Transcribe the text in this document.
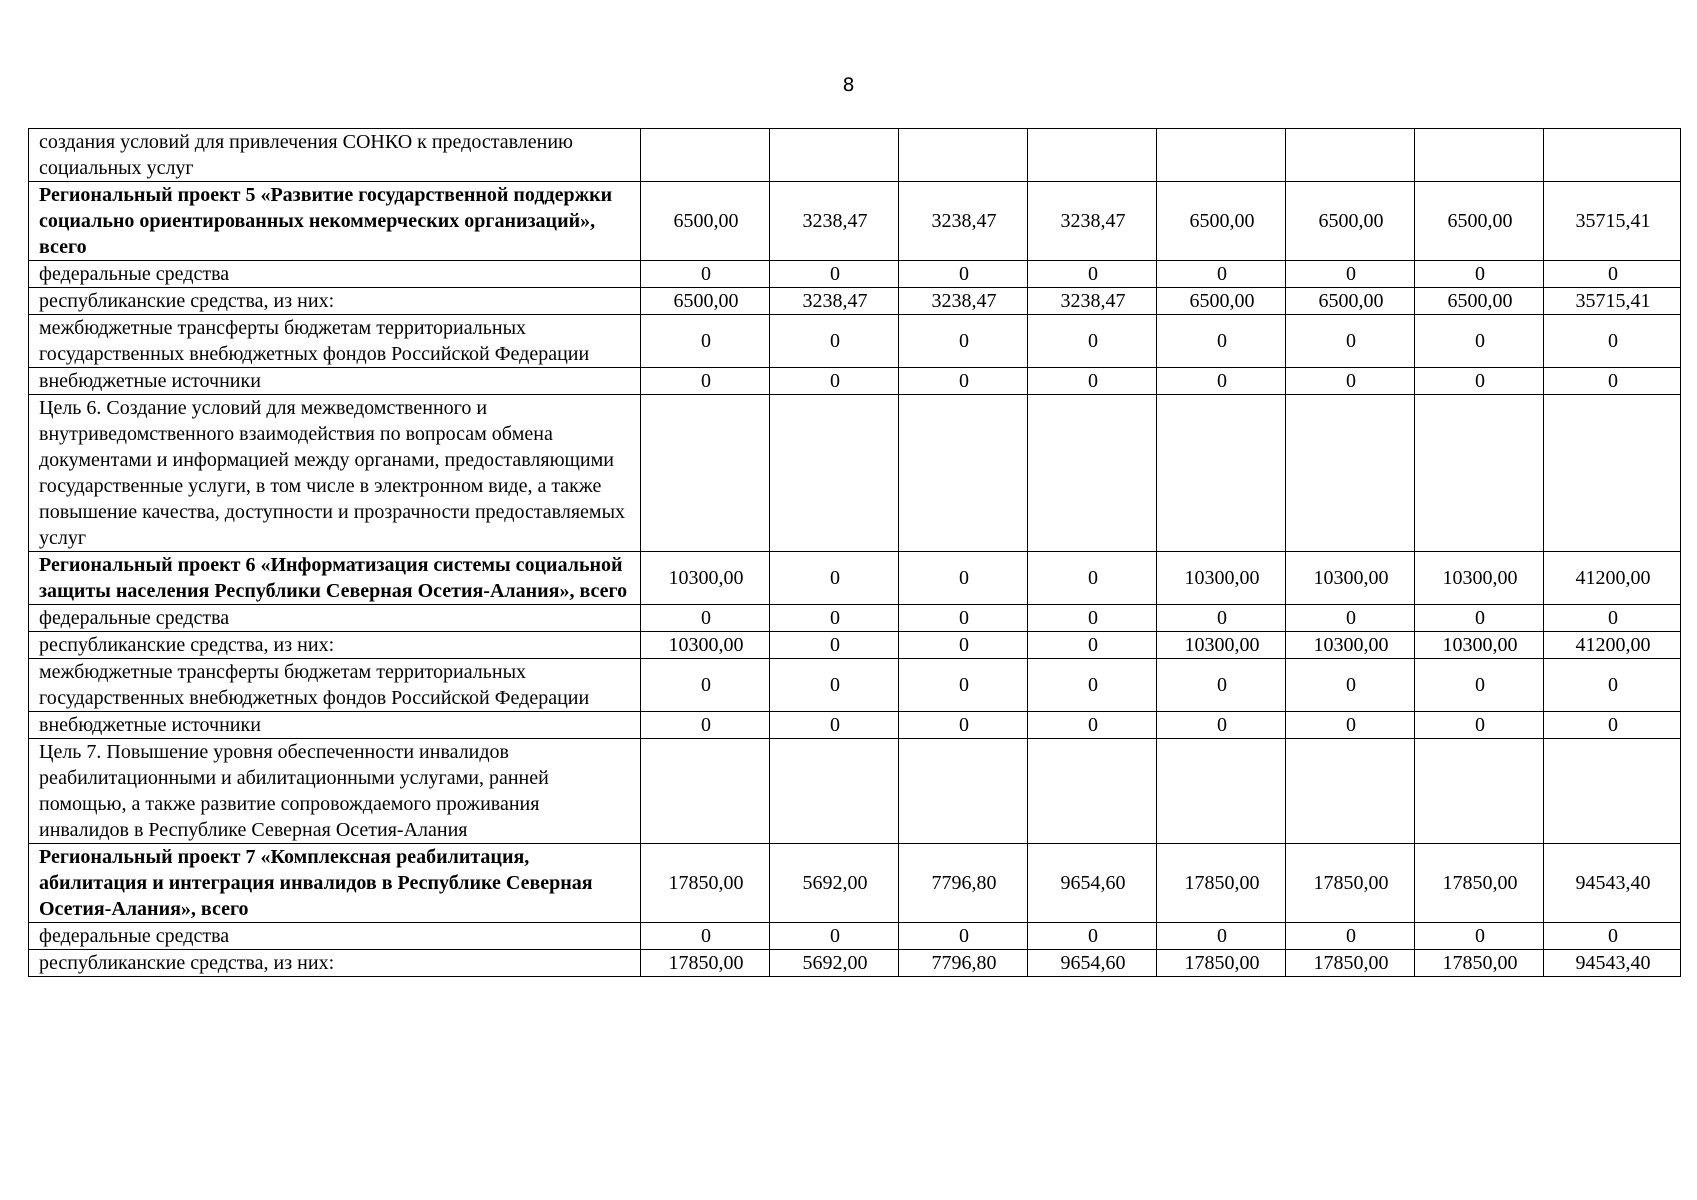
8
создания условий для привлечения СОНКО к предоставлению социальных услуг								
Региональный проект 5 «Развитие государственной поддержки социально ориентированных некоммерческих организаций», всего	6500,00	3238,47	3238,47	3238,47	6500,00	6500,00	6500,00	35715,41
федеральные средства	0	0	0	0	0	0	0	0
республиканские средства, из них:	6500,00	3238,47	3238,47	3238,47	6500,00	6500,00	6500,00	35715,41
межбюджетные трансферты бюджетам территориальных государственных внебюджетных фондов Российской Федерации	0	0	0	0	0	0	0	0
внебюджетные источники	0	0	0	0	0	0	0	0
Цель 6. Создание условий для межведомственного и внутриведомственного взаимодействия по вопросам обмена документами и информацией между органами, предоставляющими государственные услуги, в том числе в электронном виде, а также повышение качества, доступности и прозрачности предоставляемых услуг								
Региональный проект 6 «Информатизация системы социальной защиты населения Республики Северная Осетия-Алания», всего	10300,00	0	0	0	10300,00	10300,00	10300,00	41200,00
федеральные средства	0	0	0	0	0	0	0	0
республиканские средства, из них:	10300,00	0	0	0	10300,00	10300,00	10300,00	41200,00
межбюджетные трансферты бюджетам территориальных государственных внебюджетных фондов Российской Федерации	0	0	0	0	0	0	0	0
внебюджетные источники	0	0	0	0	0	0	0	0
Цель 7. Повышение уровня обеспеченности инвалидов реабилитационными и абилитационными услугами, ранней помощью, а также развитие сопровождаемого проживания инвалидов в Республике Северная Осетия-Алания								
Региональный проект 7 «Комплексная реабилитация, абилитация и интеграция инвалидов в Республике Северная Осетия-Алания», всего	17850,00	5692,00	7796,80	9654,60	17850,00	17850,00	17850,00	94543,40
федеральные средства	0	0	0	0	0	0	0	0
республиканские средства, из них:	17850,00	5692,00	7796,80	9654,60	17850,00	17850,00	17850,00	94543,40
